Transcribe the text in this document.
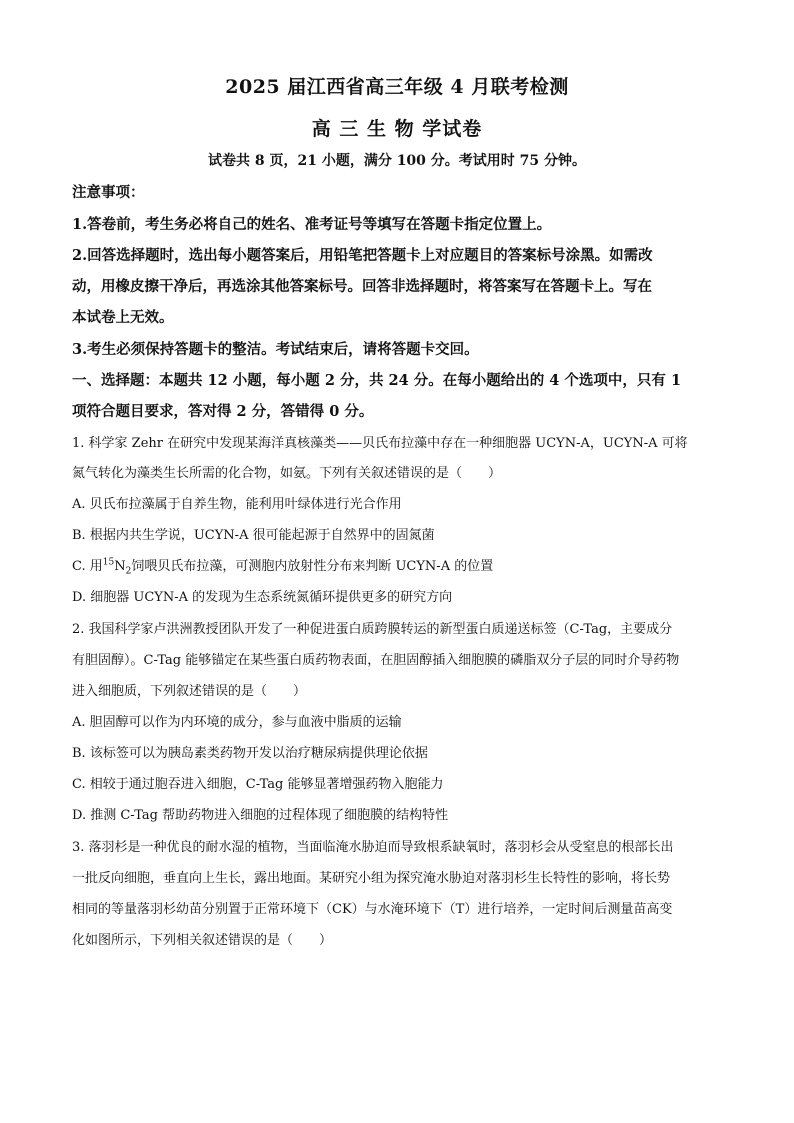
2025 届江西省高三年级 4 月联考检测
高 三 生 物 学试卷
试卷共 8 页，21 小题，满分 100 分。考试用时 75 分钟。
注意事项：
1.答卷前，考生务必将自己的姓名、准考证号等填写在答题卡指定位置上。
2.回答选择题时，选出每小题答案后，用铅笔把答题卡上对应题目的答案标号涂黑。如需改
动，用橡皮擦干净后，再选涂其他答案标号。回答非选择题时，将答案写在答题卡上。写在
本试卷上无效。
3.考生必须保持答题卡的整洁。考试结束后，请将答题卡交回。
一、选择题：本题共 12 小题，每小题 2 分，共 24 分。在每小题给出的 4 个选项中，只有 1
项符合题目要求，答对得 2 分，答错得 0 分。
1. 科学家 Zehr 在研究中发现某海洋真核藻类——贝氏布拉藻中存在一种细胞器 UCYN-A，UCYN-A 可将
氮气转化为藻类生长所需的化合物，如氨。下列有关叙述错误的是（　　）
A. 贝氏布拉藻属于自养生物，能利用叶绿体进行光合作用
B. 根据内共生学说，UCYN-A 很可能起源于自然界中的固氮菌
C. 用$^{15}N_2$饲喂贝氏布拉藻，可测胞内放射性分布来判断 UCYN-A 的位置
D. 细胞器 UCYN-A 的发现为生态系统氮循环提供更多的研究方向
2. 我国科学家卢洪洲教授团队开发了一种促进蛋白质跨膜转运的新型蛋白质递送标签（C-Tag，主要成分
有胆固醇）。C-Tag 能够锚定在某些蛋白质药物表面，在胆固醇插入细胞膜的磷脂双分子层的同时介导药物
进入细胞质，下列叙述错误的是（　　）
A. 胆固醇可以作为内环境的成分，参与血液中脂质的运输
B. 该标签可以为胰岛素类药物开发以治疗糖尿病提供理论依据
C. 相较于通过胞吞进入细胞，C-Tag 能够显著增强药物入胞能力
D. 推测 C-Tag 帮助药物进入细胞的过程体现了细胞膜的结构特性
3. 落羽杉是一种优良的耐水湿的植物，当面临淹水胁迫而导致根系缺氧时，落羽杉会从受窒息的根部长出
一批反向细胞，垂直向上生长，露出地面。某研究小组为探究淹水胁迫对落羽杉生长特性的影响，将长势
相同的等量落羽杉幼苗分别置于正常环境下（CK）与水淹环境下（T）进行培养，一定时间后测量苗高变
化如图所示，下列相关叙述错误的是（　　）
